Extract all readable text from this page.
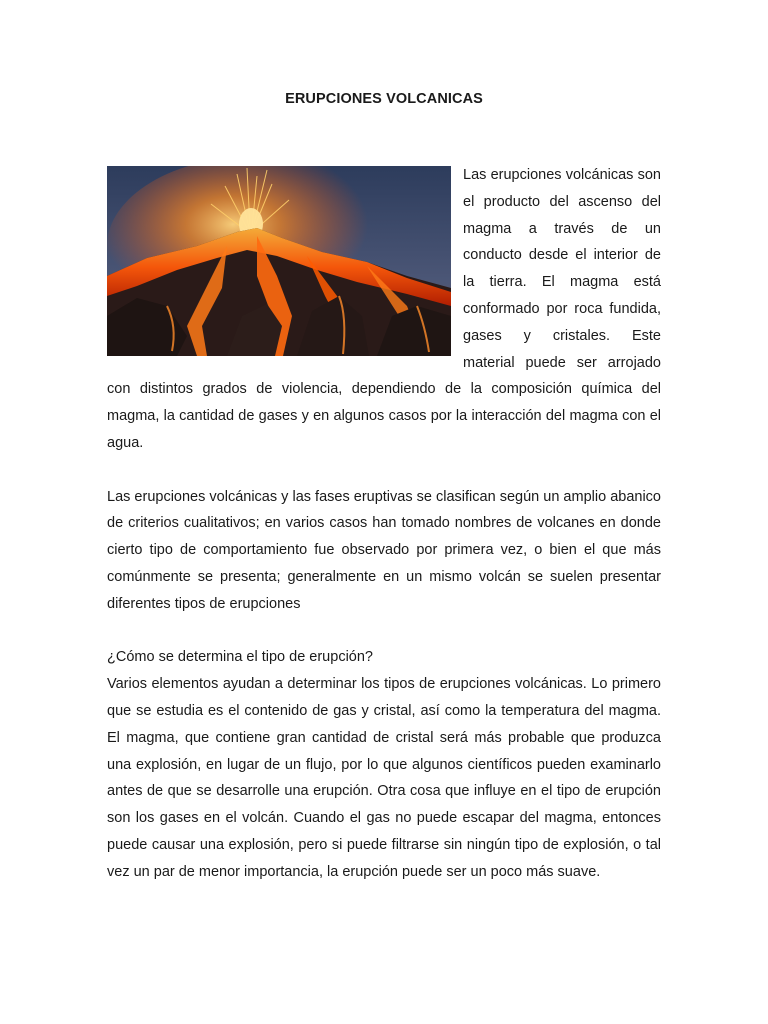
ERUPCIONES VOLCANICAS

Las erupciones volcánicas son el producto del ascenso del magma a través de un conducto desde el interior de la tierra. El magma está conformado por roca fundida, gases y cristales. Este material puede ser arrojado con distintos grados de violencia, dependiendo de la composición química del magma, la cantidad de gases y en algunos casos por la interacción del magma con el agua.

Las erupciones volcánicas y las fases eruptivas se clasifican según un amplio abanico de criterios cualitativos; en varios casos han tomado nombres de volcanes en donde cierto tipo de comportamiento fue observado por primera vez, o bien el que más comúnmente se presenta; generalmente en un mismo volcán se suelen presentar diferentes tipos de erupciones

¿Cómo se determina el tipo de erupción?

Varios elementos ayudan a determinar los tipos de erupciones volcánicas. Lo primero que se estudia es el contenido de gas y cristal, así como la temperatura del magma. El magma, que contiene gran cantidad de cristal será más probable que produzca una explosión, en lugar de un flujo, por lo que algunos científicos pueden examinarlo antes de que se desarrolle una erupción. Otra cosa que influye en el tipo de erupción son los gases en el volcán. Cuando el gas no puede escapar del magma, entonces puede causar una explosión, pero si puede filtrarse sin ningún tipo de explosión, o tal vez un par de menor importancia, la erupción puede ser un poco más suave.
